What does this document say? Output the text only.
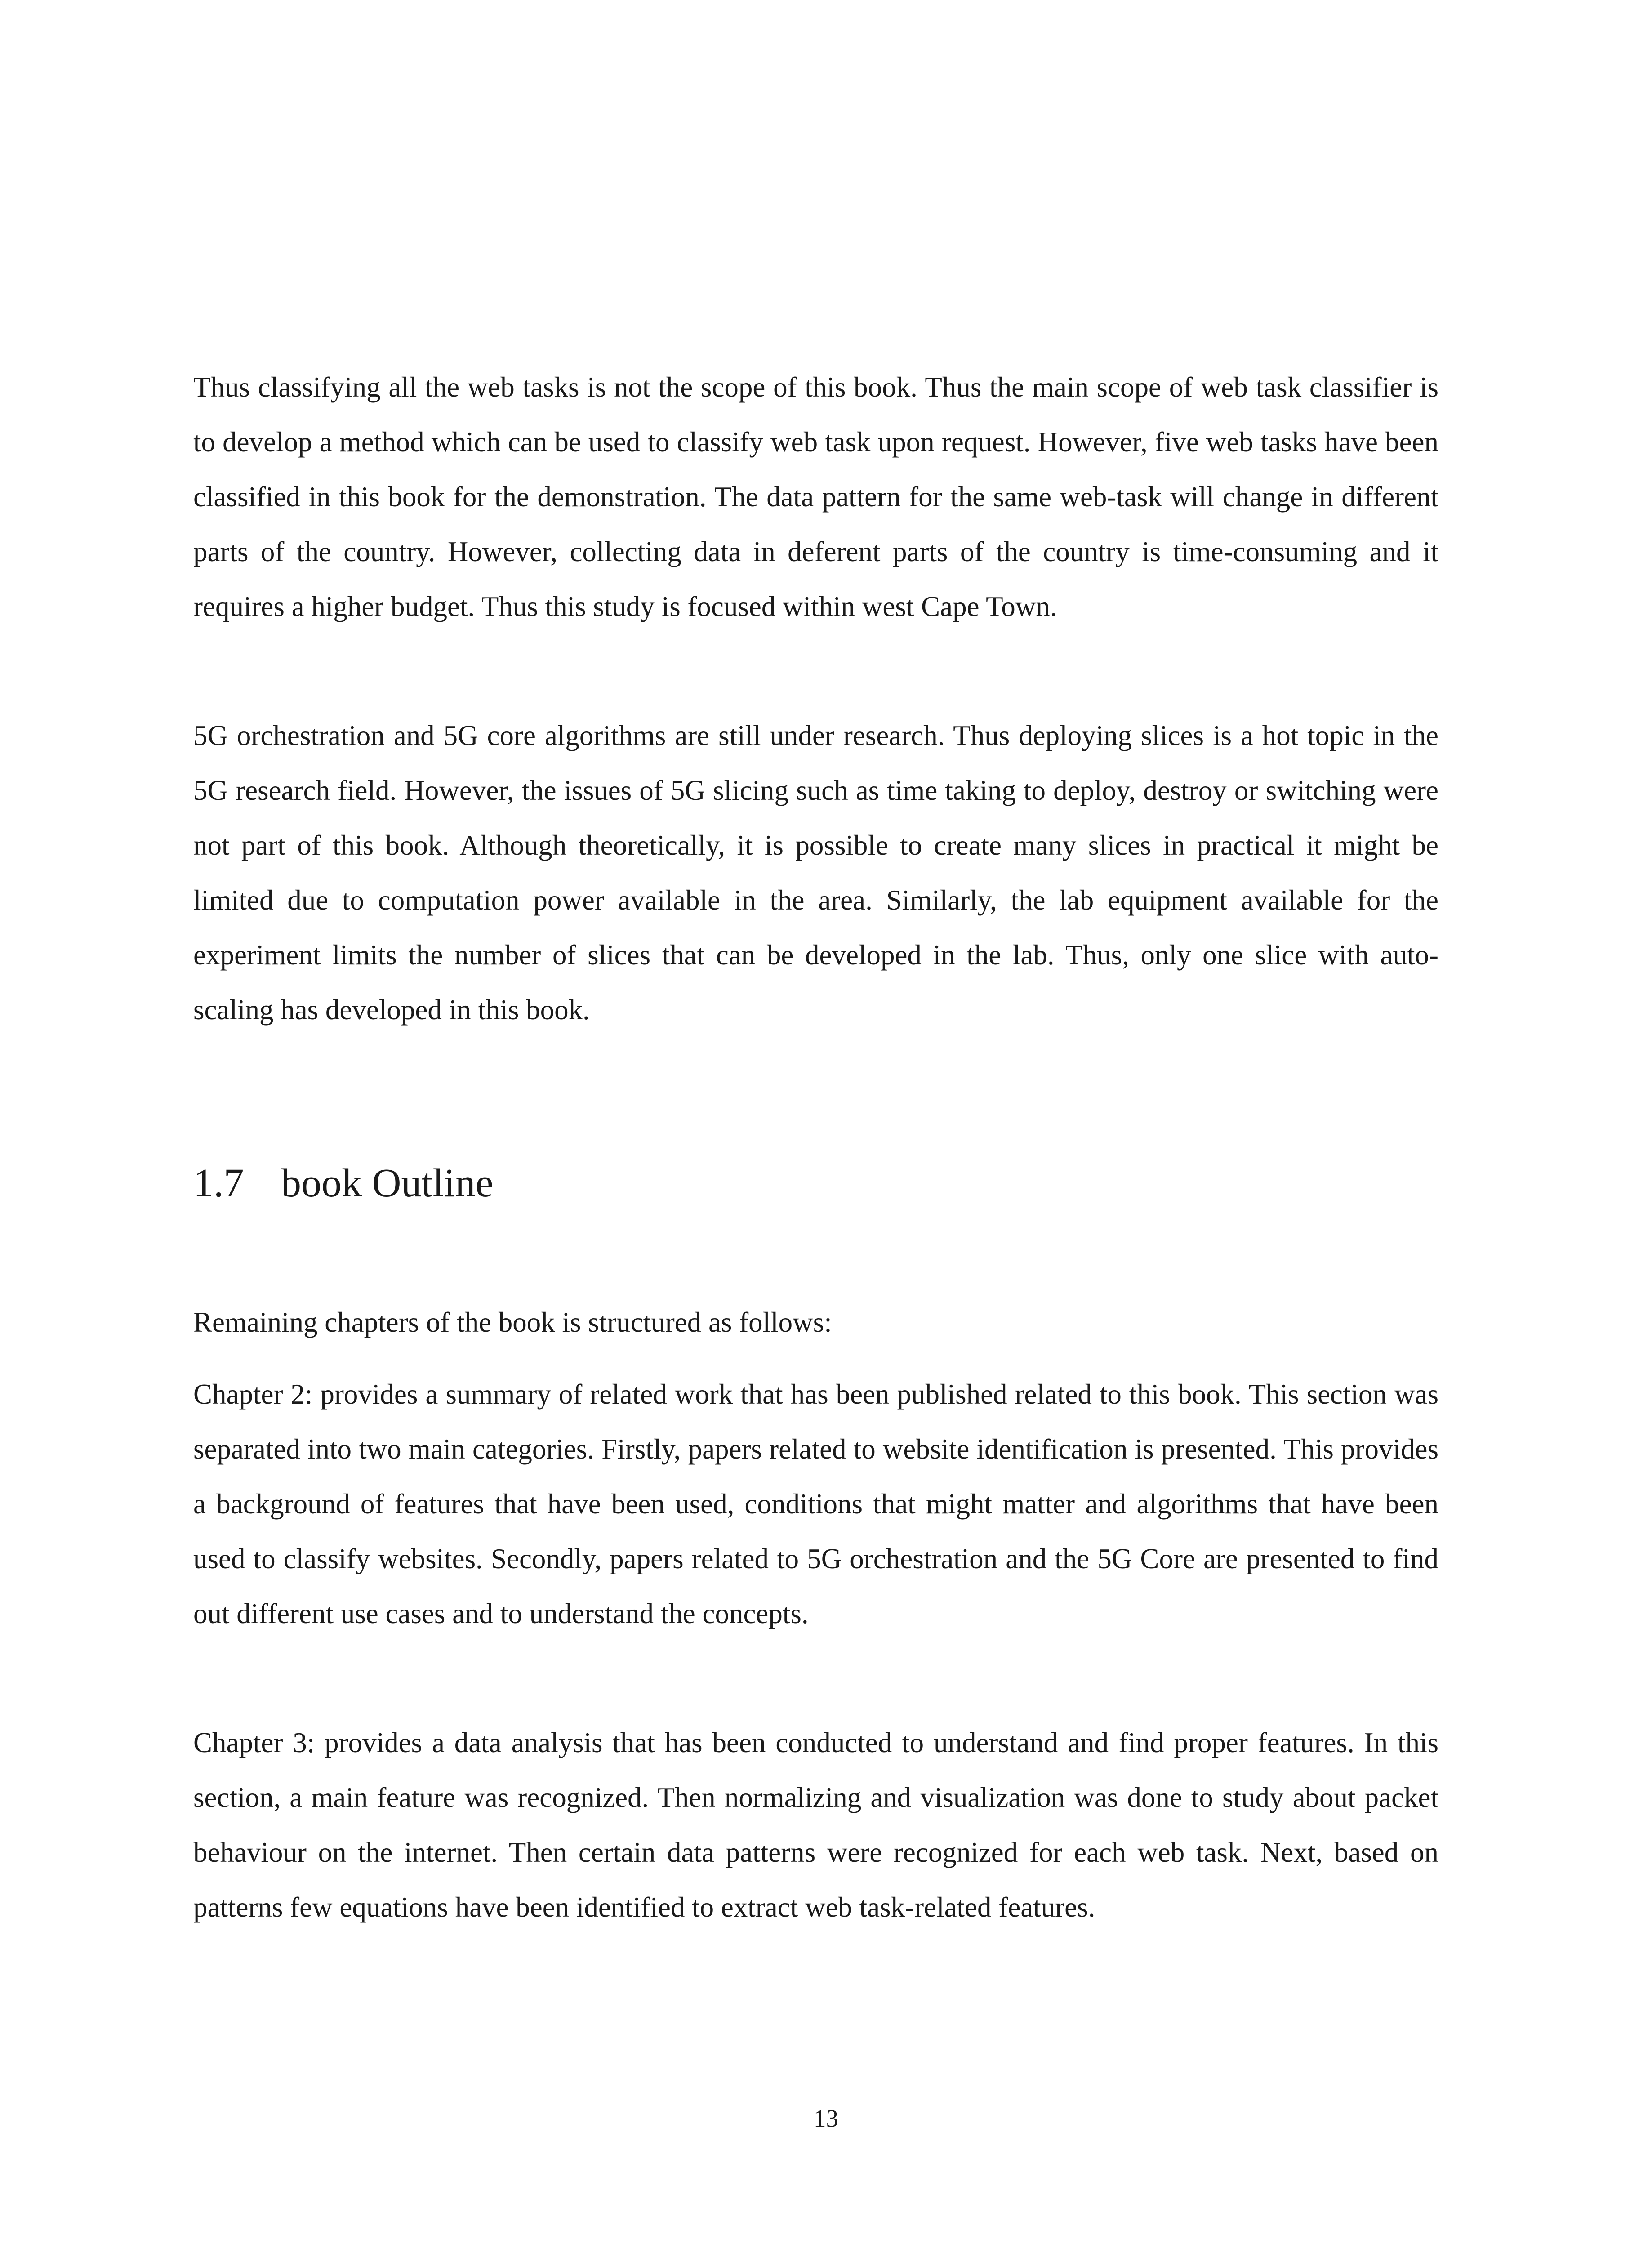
Thus classifying all the web tasks is not the scope of this book. Thus the main scope of web task classifier is to develop a method which can be used to classify web task upon request. However, five web tasks have been classified in this book for the demonstration. The data pattern for the same web-task will change in different parts of the country. However, collecting data in deferent parts of the country is time-consuming and it requires a higher budget. Thus this study is focused within west Cape Town.

5G orchestration and 5G core algorithms are still under research. Thus deploying slices is a hot topic in the 5G research field. However, the issues of 5G slicing such as time taking to deploy, destroy or switching were not part of this book. Although theoretically, it is possible to create many slices in practical it might be limited due to computation power available in the area. Similarly, the lab equipment available for the experiment limits the number of slices that can be developed in the lab. Thus, only one slice with auto-scaling has developed in this book.

1.7 book Outline

Remaining chapters of the book is structured as follows:

Chapter 2: provides a summary of related work that has been published related to this book. This section was separated into two main categories. Firstly, papers related to website identification is presented. This provides a background of features that have been used, conditions that might matter and algorithms that have been used to classify websites. Secondly, papers related to 5G orchestration and the 5G Core are presented to find out different use cases and to understand the concepts.

Chapter 3: provides a data analysis that has been conducted to understand and find proper features. In this section, a main feature was recognized. Then normalizing and visualization was done to study about packet behaviour on the internet. Then certain data patterns were recognized for each web task. Next, based on patterns few equations have been identified to extract web task-related features.

13
